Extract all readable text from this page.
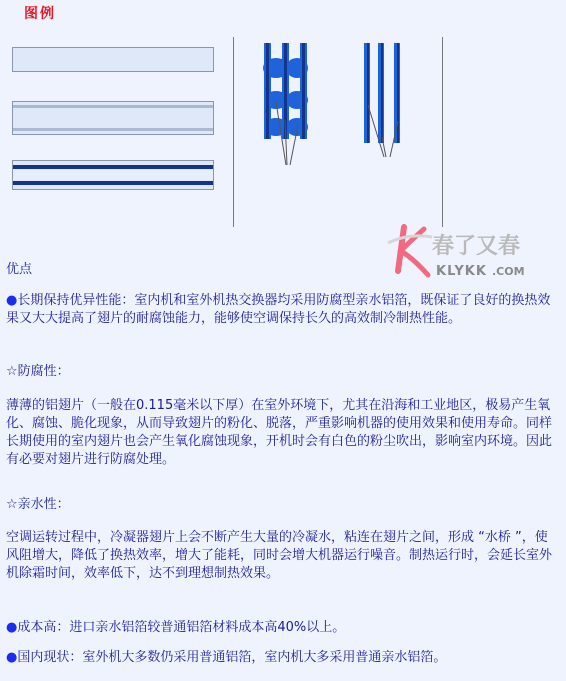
图例
春了又春
KLYKK .COM

优点

●长期保持优异性能：室内机和室外机热交换器均采用防腐型亲水铝箔，既保证了良好的换热效果又大大提高了翅片的耐腐蚀能力，能够使空调保持长久的高效制冷制热性能。

☆防腐性：

薄薄的铝翅片（一般在0.115毫米以下厚）在室外环境下，尤其在沿海和工业地区，极易产生氧化、腐蚀、脆化现象，从而导致翅片的粉化、脱落，严重影响机器的使用效果和使用寿命。同样长期使用的室内翅片也会产生氧化腐蚀现象，开机时会有白色的粉尘吹出，影响室内环境。因此有必要对翅片进行防腐处理。

☆亲水性：

空调运转过程中，冷凝器翅片上会不断产生大量的冷凝水，粘连在翅片之间，形成 “水桥 ”，使风阻增大，降低了换热效率，增大了能耗，同时会增大机器运行噪音。制热运行时，会延长室外机除霜时间，效率低下，达不到理想制热效果。

●成本高：进口亲水铝箔较普通铝箔材料成本高40%以上。

●国内现状：室外机大多数仍采用普通铝箔，室内机大多采用普通亲水铝箔。
